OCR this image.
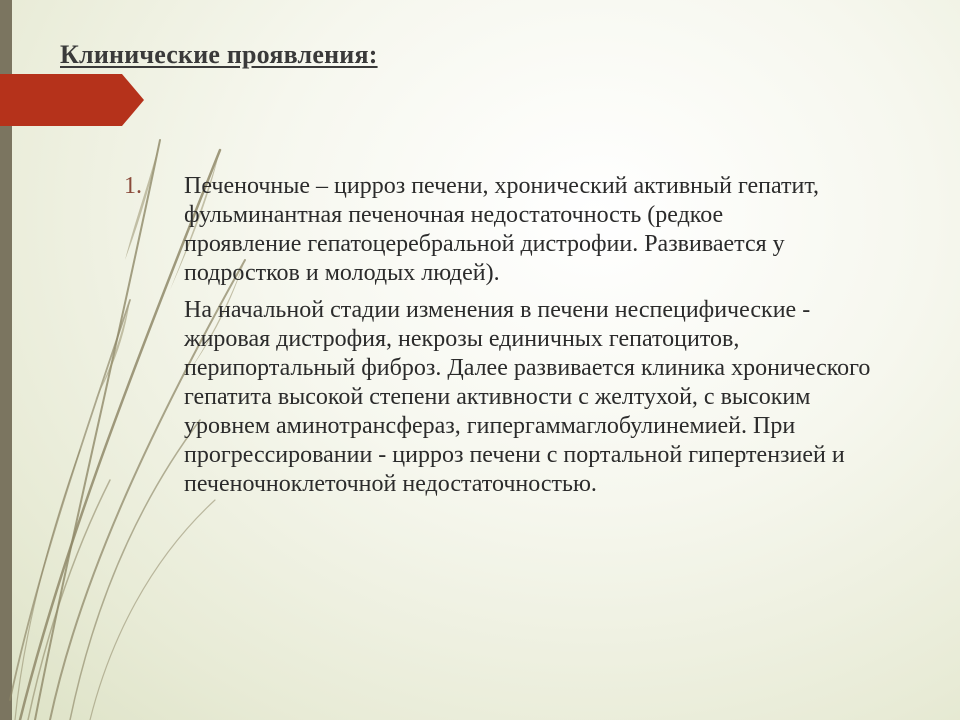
Клинические проявления:
1.	Печеночные – цирроз печени, хронический активный гепатит, фульминантная печеночная недостаточность (редкое проявление гепатоцеребральной дистрофии. Развивается у подростков и молодых людей).
На начальной стадии изменения в печени неспецифические - жировая дистрофия, некрозы единичных гепатоцитов, перипортальный фиброз. Далее развивается клиника хронического гепатита высокой степени активности с желтухой, с высоким уровнем аминотрансфераз, гипергаммаглобулинемией. При прогрессировании - цирроз печени с портальной гипертензией и печеночноклеточной недостаточностью.
